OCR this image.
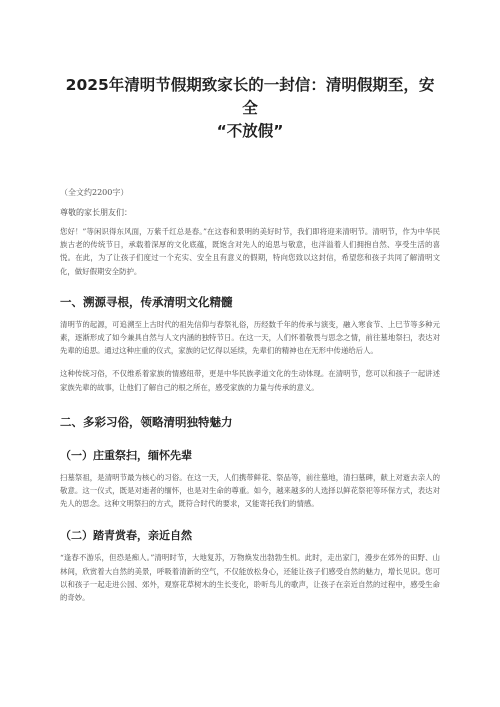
2025年清明节假期致家长的一封信：清明假期至，安全
“不放假”
（全文约2200字）
尊敬的家长朋友们：

您好！”等闲识得东风面，万紫千红总是春。”在这春和景明的美好时节，我们即将迎来清明节。清明节，作为中华民族古老的传统节日，承载着深厚的文化底蕴，既饱含对先人的追思与敬意，也洋溢着人们拥抱自然、享受生活的喜悦。在此，为了让孩子们度过一个充实、安全且有意义的假期，特向您致以这封信，希望您和孩子共同了解清明文化，做好假期安全防护。

一、溯源寻根，传承清明文化精髓

清明节的起源，可追溯至上古时代的祖先信仰与春祭礼俗，历经数千年的传承与演变，融入寒食节、上巳节等多种元素，逐渐形成了如今兼具自然与人文内涵的独特节日。在这一天，人们怀着敬畏与思念之情，前往墓地祭扫，表达对先辈的追思。通过这种庄重的仪式，家族的记忆得以延续，先辈们的精神也在无形中传递给后人。

这种传统习俗，不仅维系着家族的情感纽带，更是中华民族孝道文化的生动体现。在清明节，您可以和孩子一起讲述家族先辈的故事，让他们了解自己的根之所在，感受家族的力量与传承的意义。

二、多彩习俗，领略清明独特魅力
（一）庄重祭扫，缅怀先辈

扫墓祭祖，是清明节最为核心的习俗。在这一天，人们携带鲜花、祭品等，前往墓地，清扫墓碑，献上对逝去亲人的敬意。这一仪式，既是对逝者的缅怀，也是对生命的尊重。如今，越来越多的人选择以鲜花祭祀等环保方式，表达对先人的思念。这种文明祭扫的方式，既符合时代的要求，又能寄托我们的情感。

（二）踏青赏春，亲近自然

“逢春不游乐，但恐是痴人。”清明时节，大地复苏，万物焕发出勃勃生机。此时，走出家门，漫步在郊外的田野、山林间，欣赏着大自然的美景，呼吸着清新的空气，不仅能放松身心，还能让孩子们感受自然的魅力，增长见识。您可以和孩子一起走进公园、郊外，观察花草树木的生长变化，聆听鸟儿的歌声，让孩子在亲近自然的过程中，感受生命的奇妙。
